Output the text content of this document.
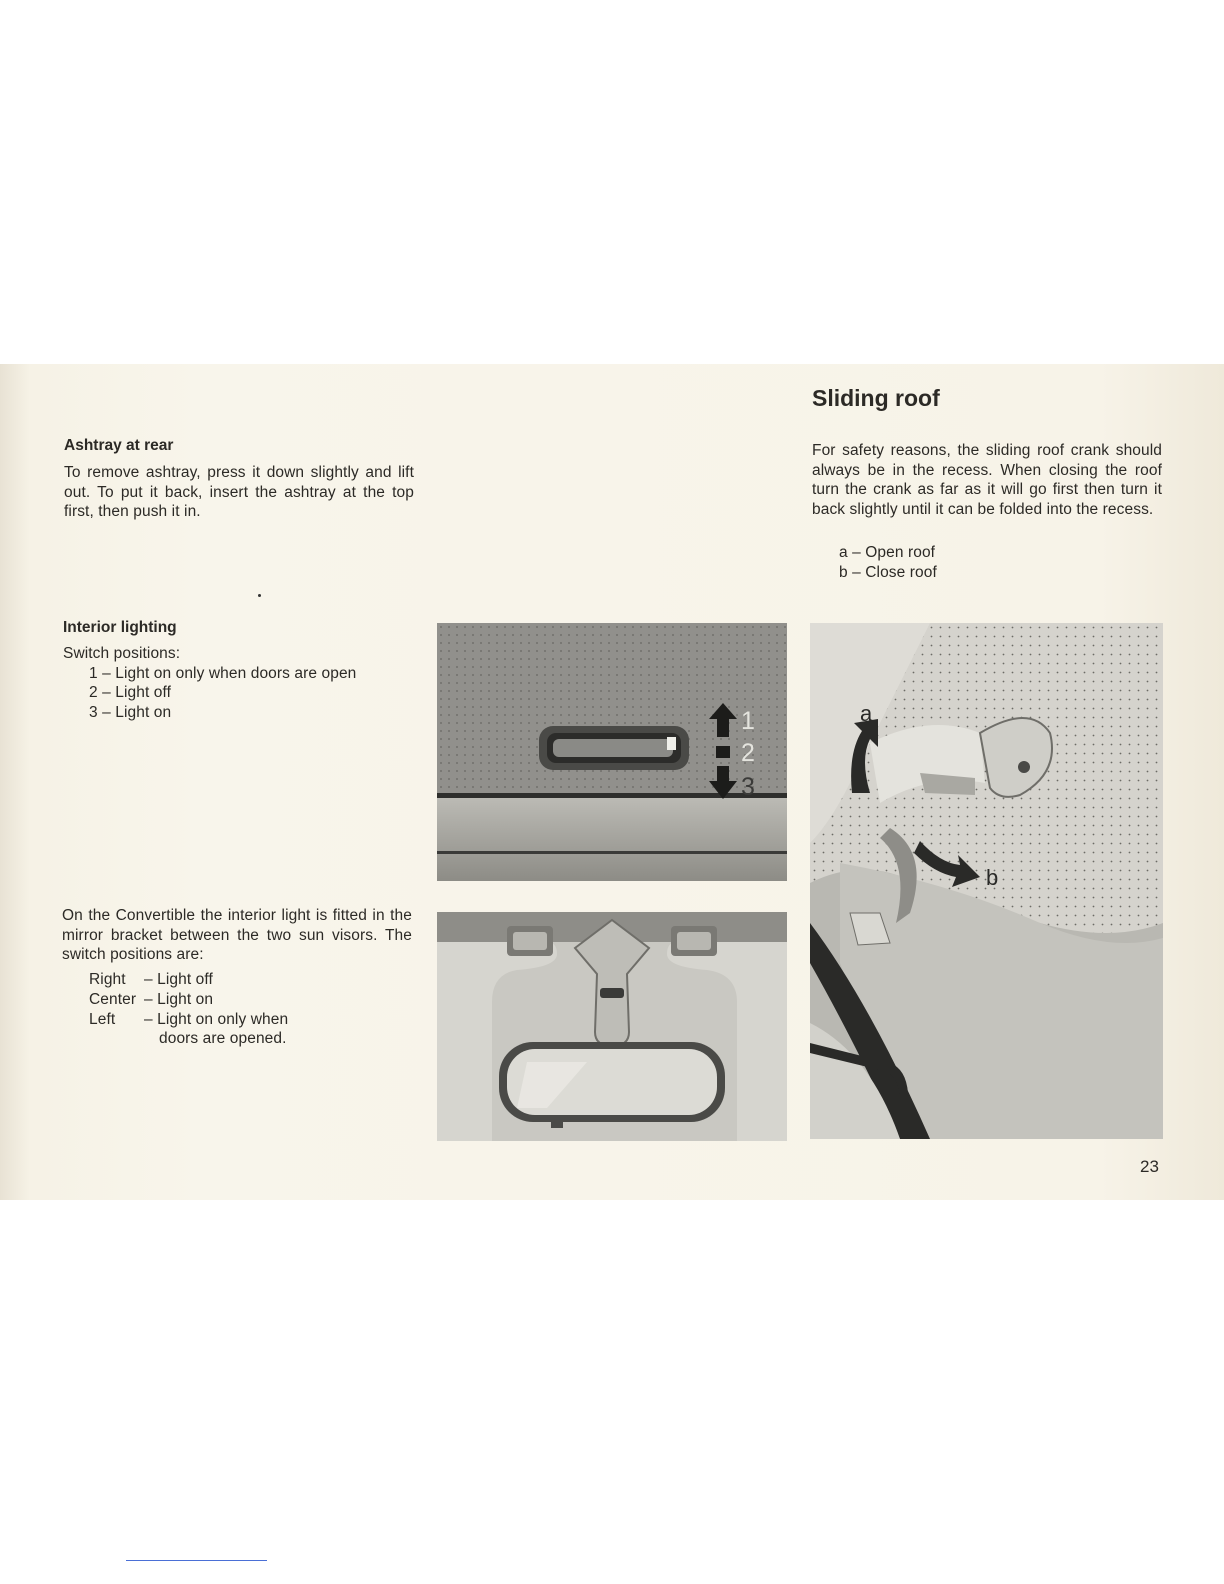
Ashtray at rear
To remove ashtray, press it down slightly and lift out. To put it back, insert the ashtray at the top first, then push it in.
Interior lighting
Switch positions:
1 – Light on only when doors are open
2 – Light off
3 – Light on
On the Convertible the interior light is fitted in the mirror bracket between the two sun visors. The switch positions are:
Right – Light off
Center – Light on
Left – Light on only when
doors are opened.
Sliding roof
For safety reasons, the sliding roof crank should always be in the recess. When closing the roof turn the crank as far as it will go first then turn it back slightly until it can be folded into the recess.
a – Open roof
b – Close roof
1
2
3
a
b
23
